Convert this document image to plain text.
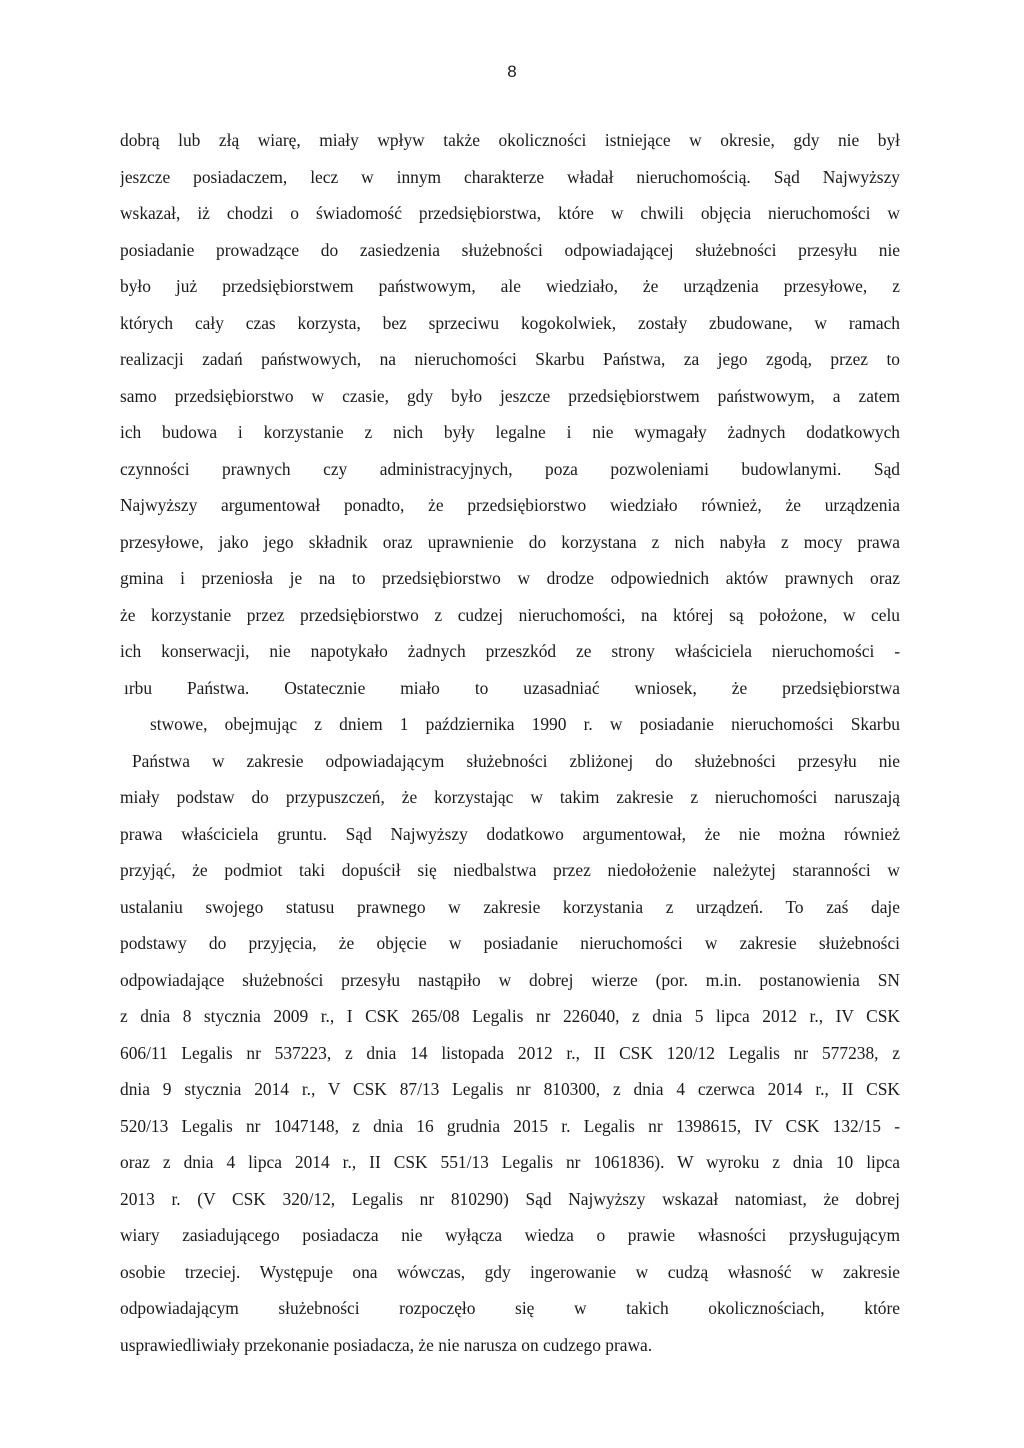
8
dobrą lub złą wiarę, miały wpływ także okoliczności istniejące w okresie, gdy nie był
jeszcze posiadaczem, lecz w innym charakterze władał nieruchomością. Sąd Najwyższy
wskazał, iż chodzi o świadomość przedsiębiorstwa, które w chwili objęcia nieruchomości w
posiadanie prowadzące do zasiedzenia służebności odpowiadającej służebności przesyłu nie
było już przedsiębiorstwem państwowym, ale wiedziało, że urządzenia przesyłowe, z
których cały czas korzysta, bez sprzeciwu kogokolwiek, zostały zbudowane, w ramach
realizacji zadań państwowych, na nieruchomości Skarbu Państwa, za jego zgodą, przez to
samo przedsiębiorstwo w czasie, gdy było jeszcze przedsiębiorstwem państwowym, a zatem
ich budowa i korzystanie z nich były legalne i nie wymagały żadnych dodatkowych
czynności prawnych czy administracyjnych, poza pozwoleniami budowlanymi. Sąd
Najwyższy argumentował ponadto, że przedsiębiorstwo wiedziało również, że urządzenia
przesyłowe, jako jego składnik oraz uprawnienie do korzystana z nich nabyła z mocy prawa
gmina i przeniosła je na to przedsiębiorstwo w drodze odpowiednich aktów prawnych oraz
że korzystanie przez przedsiębiorstwo z cudzej nieruchomości, na której są położone, w celu
ich konserwacji, nie napotykało żadnych przeszkód ze strony właściciela nieruchomości -
ırbu Państwa. Ostatecznie miało to uzasadniać wniosek, że przedsiębiorstwa
stwowe, obejmując z dniem 1 października 1990 r. w posiadanie nieruchomości Skarbu
Państwa w zakresie odpowiadającym służebności zbliżonej do służebności przesyłu nie
miały podstaw do przypuszczeń, że korzystając w takim zakresie z nieruchomości naruszają
prawa właściciela gruntu. Sąd Najwyższy dodatkowo argumentował, że nie można również
przyjąć, że podmiot taki dopuścił się niedbalstwa przez niedołożenie należytej staranności w
ustalaniu swojego statusu prawnego w zakresie korzystania z urządzeń. To zaś daje
podstawy do przyjęcia, że objęcie w posiadanie nieruchomości w zakresie służebności
odpowiadające służebności przesyłu nastąpiło w dobrej wierze (por. m.in. postanowienia SN
z dnia 8 stycznia 2009 r., I CSK 265/08 Legalis nr 226040, z dnia 5 lipca 2012 r., IV CSK
606/11 Legalis nr 537223, z dnia 14 listopada 2012 r., II CSK 120/12 Legalis nr 577238, z
dnia 9 stycznia 2014 r., V CSK 87/13 Legalis nr 810300, z dnia 4 czerwca 2014 r., II CSK
520/13 Legalis nr 1047148, z dnia 16 grudnia 2015 r. Legalis nr 1398615, IV CSK 132/15 -
oraz z dnia 4 lipca 2014 r., II CSK 551/13 Legalis nr 1061836). W wyroku z dnia 10 lipca
2013 r. (V CSK 320/12, Legalis nr 810290) Sąd Najwyższy wskazał natomiast, że dobrej
wiary zasiadującego posiadacza nie wyłącza wiedza o prawie własności przysługującym
osobie trzeciej. Występuje ona wówczas, gdy ingerowanie w cudzą własność w zakresie
odpowiadającym służebności rozpoczęło się w takich okolicznościach, które
usprawiedliwiały przekonanie posiadacza, że nie narusza on cudzego prawa.
